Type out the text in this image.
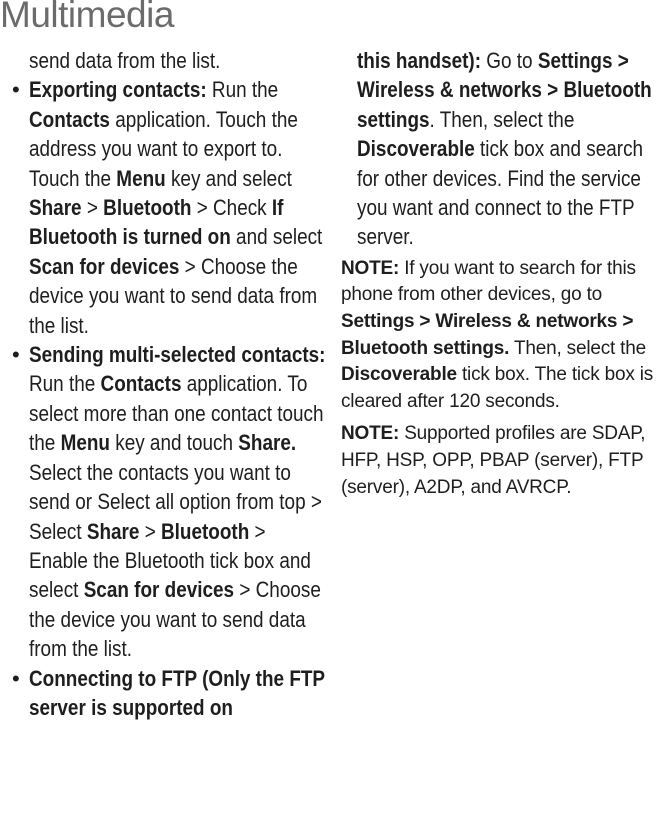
Multimedia
send data from the list.
• Exporting contacts: Run the Contacts application. Touch the address you want to export to. Touch the Menu key and select Share > Bluetooth > Check If Bluetooth is turned on and select Scan for devices > Choose the device you want to send data from the list.
• Sending multi-selected contacts: Run the Contacts application. To select more than one contact touch the Menu key and touch Share. Select the contacts you want to send or Select all option from top > Select Share > Bluetooth > Enable the Bluetooth tick box and select Scan for devices > Choose the device you want to send data from the list.
• Connecting to FTP (Only the FTP server is supported on
this handset): Go to Settings > Wireless & networks > Bluetooth settings. Then, select the Discoverable tick box and search for other devices. Find the service you want and connect to the FTP server.
NOTE: If you want to search for this phone from other devices, go to Settings > Wireless & networks > Bluetooth settings. Then, select the Discoverable tick box. The tick box is cleared after 120 seconds.
NOTE: Supported profiles are SDAP, HFP, HSP, OPP, PBAP (server), FTP (server), A2DP, and AVRCP.
